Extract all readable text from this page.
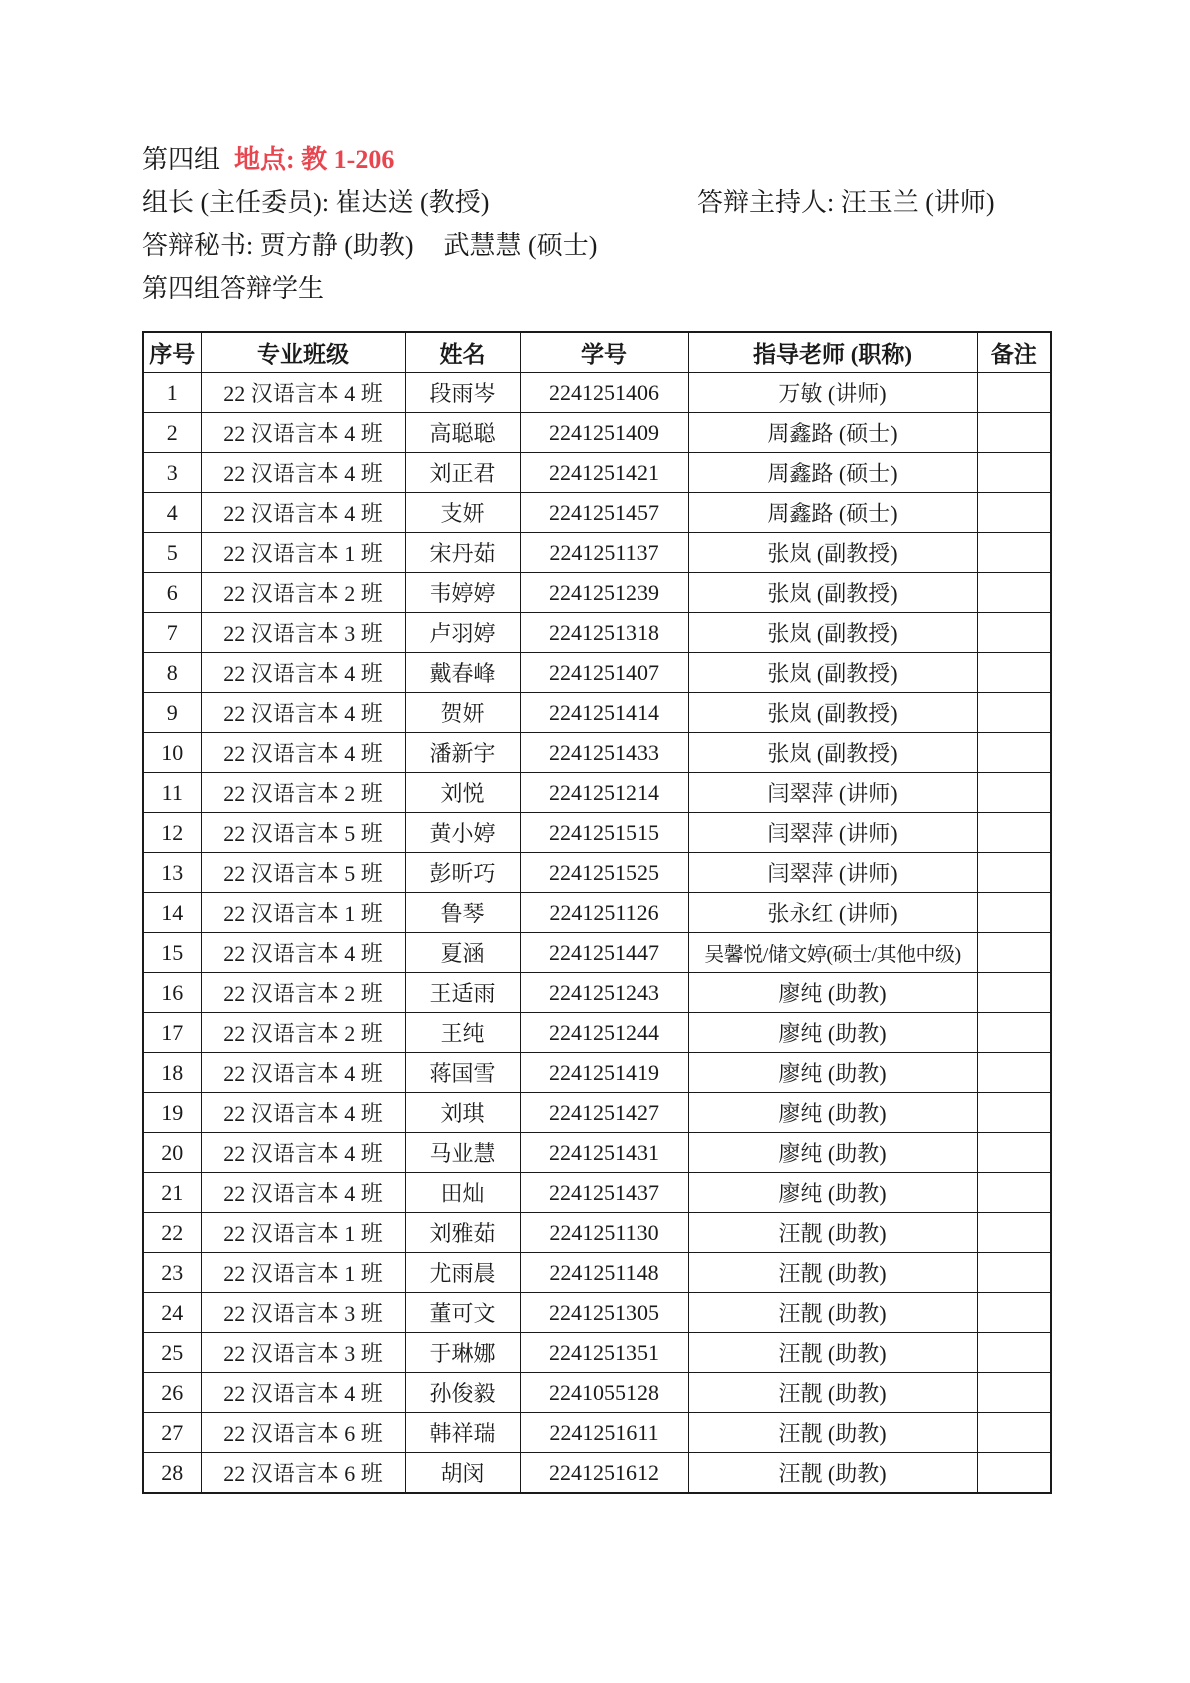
第四组 地点: 教 1-206
组长 (主任委员): 崔达送 (教授)	答辩主持人: 汪玉兰 (讲师)
答辩秘书: 贾方静 (助教) 武慧慧 (硕士)
第四组答辩学生
序号	专业班级	姓名	学号	指导老师 (职称)	备注
1	22 汉语言本 4 班	段雨岑	2241251406	万敏 (讲师)	
2	22 汉语言本 4 班	高聪聪	2241251409	周鑫路 (硕士)	
3	22 汉语言本 4 班	刘正君	2241251421	周鑫路 (硕士)	
4	22 汉语言本 4 班	支妍	2241251457	周鑫路 (硕士)	
5	22 汉语言本 1 班	宋丹茹	2241251137	张岚 (副教授)	
6	22 汉语言本 2 班	韦婷婷	2241251239	张岚 (副教授)	
7	22 汉语言本 3 班	卢羽婷	2241251318	张岚 (副教授)	
8	22 汉语言本 4 班	戴春峰	2241251407	张岚 (副教授)	
9	22 汉语言本 4 班	贺妍	2241251414	张岚 (副教授)	
10	22 汉语言本 4 班	潘新宇	2241251433	张岚 (副教授)	
11	22 汉语言本 2 班	刘悦	2241251214	闫翠萍 (讲师)	
12	22 汉语言本 5 班	黄小婷	2241251515	闫翠萍 (讲师)	
13	22 汉语言本 5 班	彭昕巧	2241251525	闫翠萍 (讲师)	
14	22 汉语言本 1 班	鲁琴	2241251126	张永红 (讲师)	
15	22 汉语言本 4 班	夏涵	2241251447	吴馨悦/储文婷(硕士/其他中级)	
16	22 汉语言本 2 班	王适雨	2241251243	廖纯 (助教)	
17	22 汉语言本 2 班	王纯	2241251244	廖纯 (助教)	
18	22 汉语言本 4 班	蒋国雪	2241251419	廖纯 (助教)	
19	22 汉语言本 4 班	刘琪	2241251427	廖纯 (助教)	
20	22 汉语言本 4 班	马业慧	2241251431	廖纯 (助教)	
21	22 汉语言本 4 班	田灿	2241251437	廖纯 (助教)	
22	22 汉语言本 1 班	刘雅茹	2241251130	汪靓 (助教)	
23	22 汉语言本 1 班	尤雨晨	2241251148	汪靓 (助教)	
24	22 汉语言本 3 班	董可文	2241251305	汪靓 (助教)	
25	22 汉语言本 3 班	于琳娜	2241251351	汪靓 (助教)	
26	22 汉语言本 4 班	孙俊毅	2241055128	汪靓 (助教)	
27	22 汉语言本 6 班	韩祥瑞	2241251611	汪靓 (助教)	
28	22 汉语言本 6 班	胡闵	2241251612	汪靓 (助教)	
